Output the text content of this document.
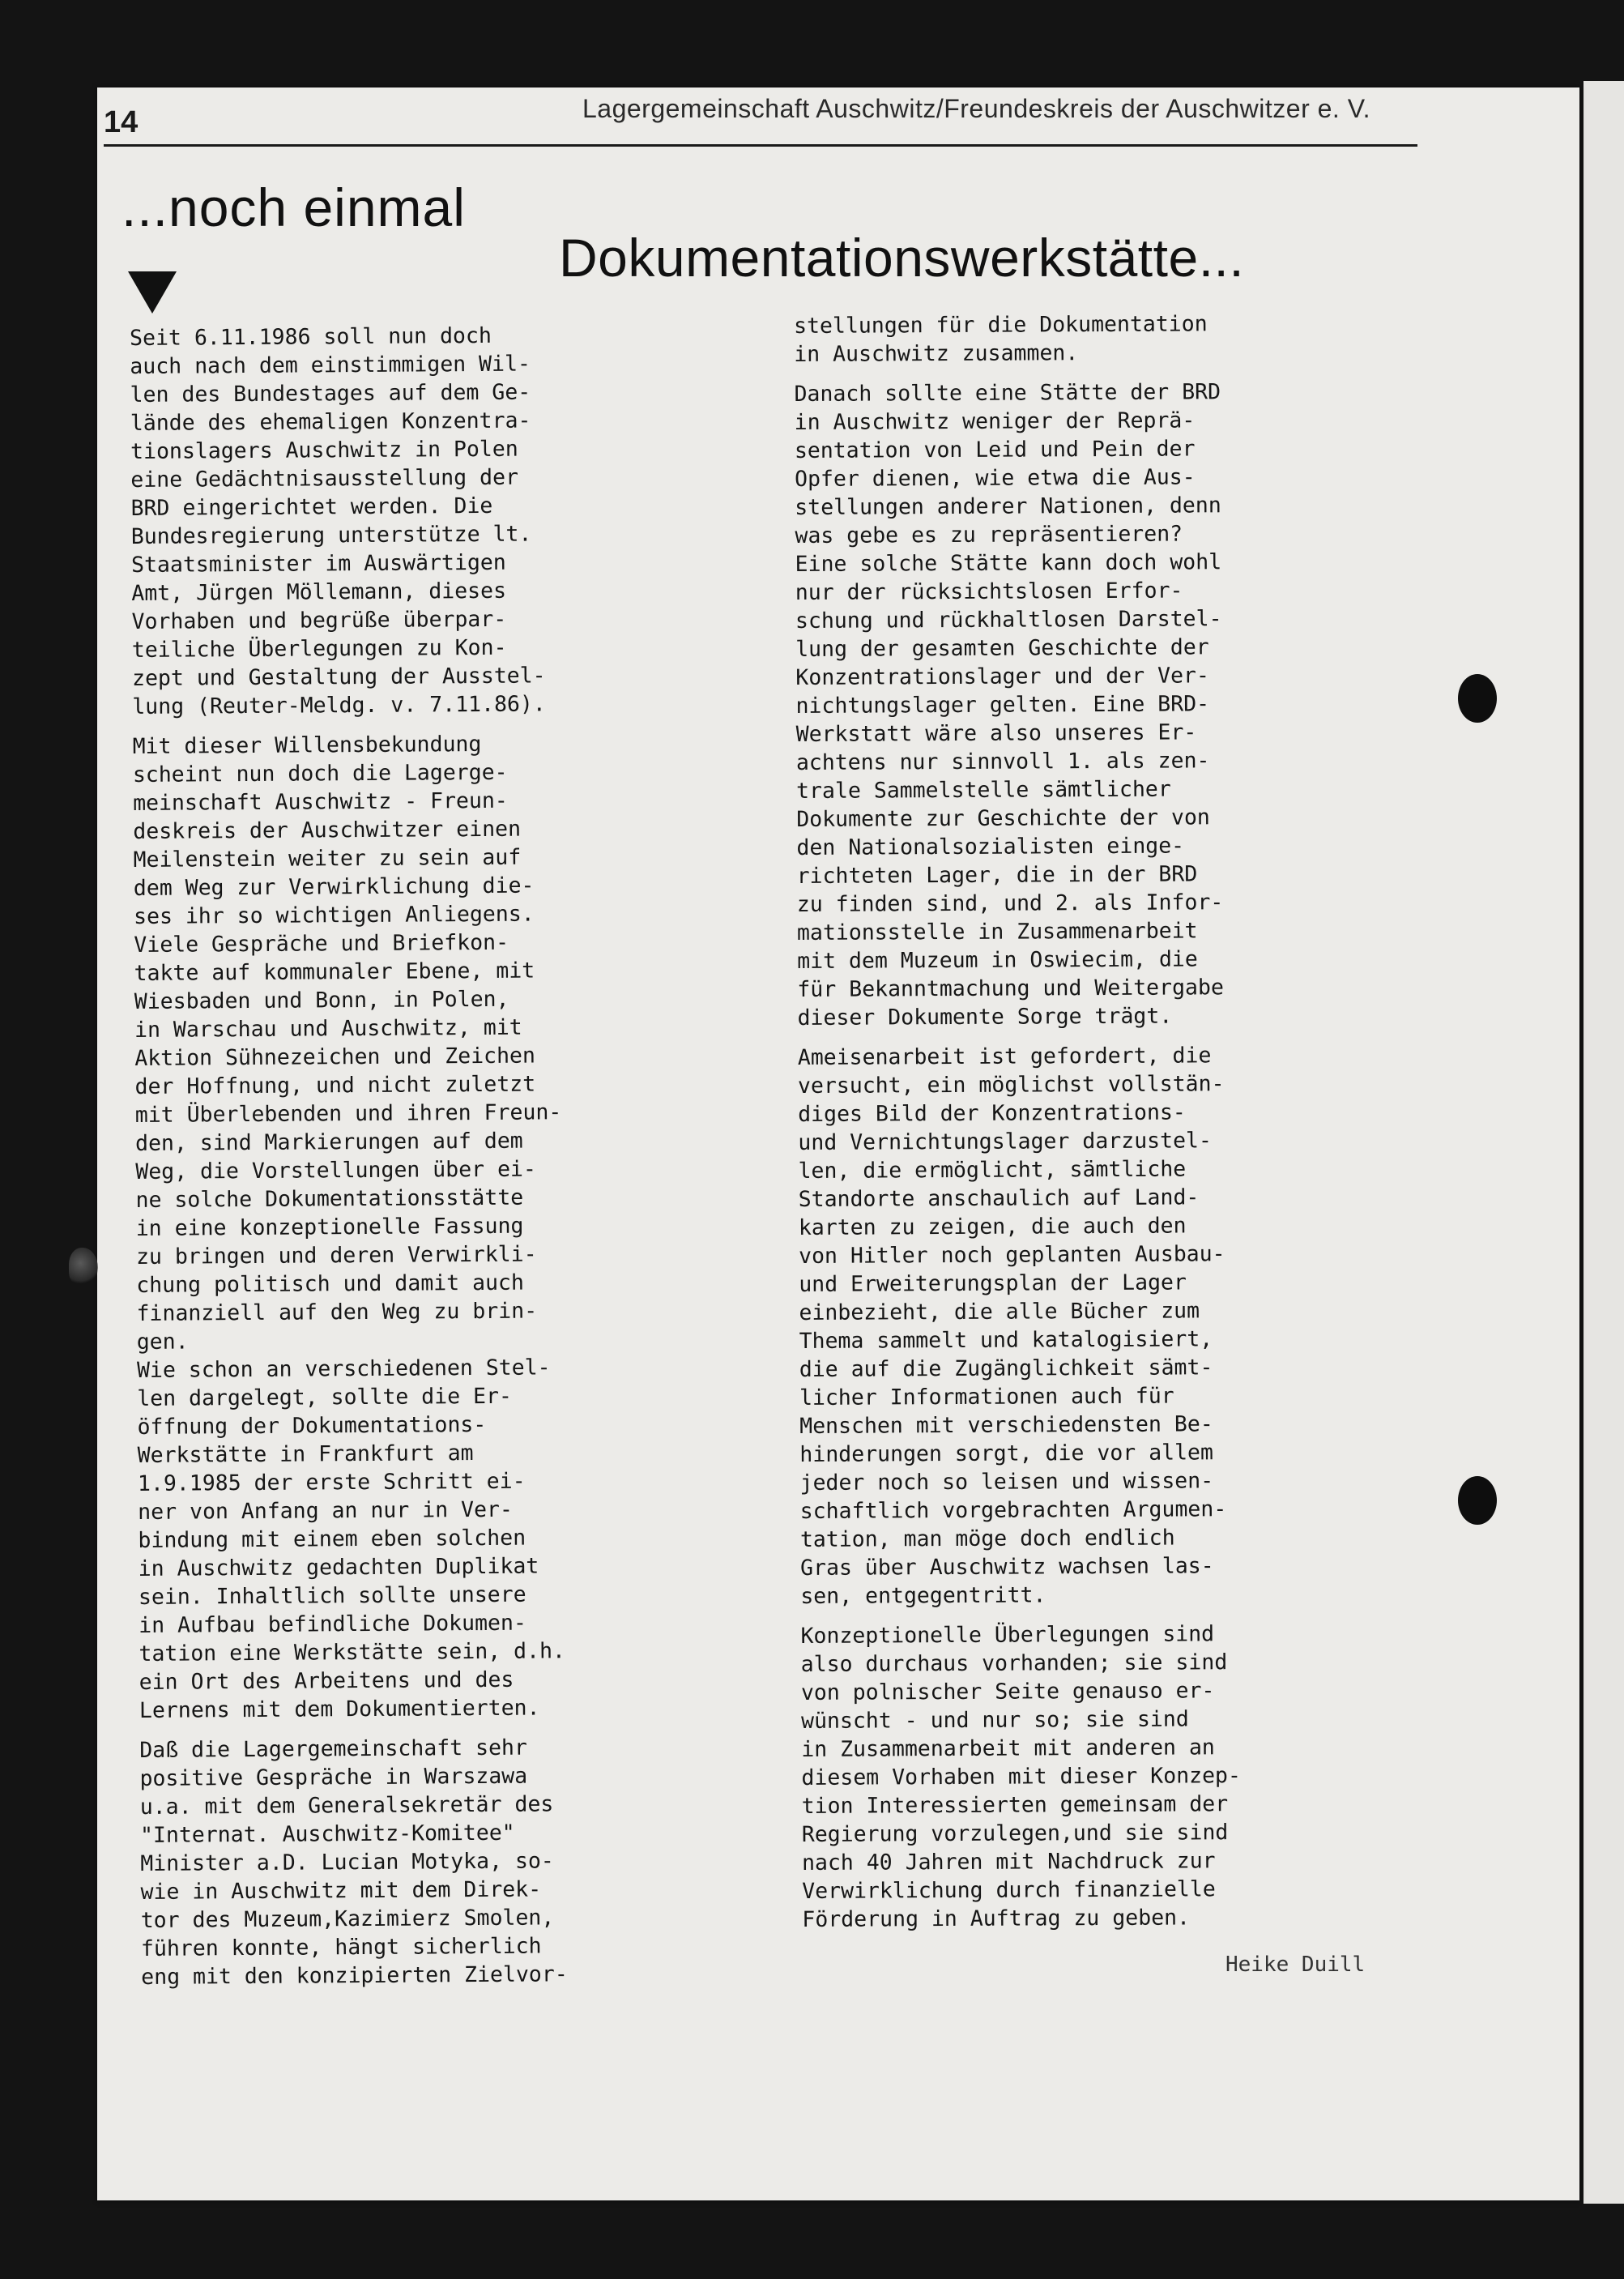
14	Lagergemeinschaft Auschwitz/Freundeskreis der Auschwitzer e. V.
...noch einmal
Dokumentationswerkstätte...

Seit 6.11.1986 soll nun doch
auch nach dem einstimmigen Wil-
len des Bundestages auf dem Ge-
lände des ehemaligen Konzentra-
tionslagers Auschwitz in Polen
eine Gedächtnisausstellung der
BRD eingerichtet werden. Die
Bundesregierung unterstütze lt.
Staatsminister im Auswärtigen
Amt, Jürgen Möllemann, dieses
Vorhaben und begrüße überpar-
teiliche Überlegungen zu Kon-
zept und Gestaltung der Ausstel-
lung (Reuter-Meldg. v. 7.11.86).

Mit dieser Willensbekundung
scheint nun doch die Lagerge-
meinschaft Auschwitz - Freun-
deskreis der Auschwitzer einen
Meilenstein weiter zu sein auf
dem Weg zur Verwirklichung die-
ses ihr so wichtigen Anliegens.
Viele Gespräche und Briefkon-
takte auf kommunaler Ebene, mit
Wiesbaden und Bonn, in Polen,
in Warschau und Auschwitz, mit
Aktion Sühnezeichen und Zeichen
der Hoffnung, und nicht zuletzt
mit Überlebenden und ihren Freun-
den, sind Markierungen auf dem
Weg, die Vorstellungen über ei-
ne solche Dokumentationsstätte
in eine konzeptionelle Fassung
zu bringen und deren Verwirkli-
chung politisch und damit auch
finanziell auf den Weg zu brin-
gen.
Wie schon an verschiedenen Stel-
len dargelegt, sollte die Er-
öffnung der Dokumentations-
Werkstätte in Frankfurt am
1.9.1985 der erste Schritt ei-
ner von Anfang an nur in Ver-
bindung mit einem eben solchen
in Auschwitz gedachten Duplikat
sein. Inhaltlich sollte unsere
in Aufbau befindliche Dokumen-
tation eine Werkstätte sein, d.h.
ein Ort des Arbeitens und des
Lernens mit dem Dokumentierten.

Daß die Lagergemeinschaft sehr
positive Gespräche in Warszawa
u.a. mit dem Generalsekretär des
"Internat. Auschwitz-Komitee"
Minister a.D. Lucian Motyka, so-
wie in Auschwitz mit dem Direk-
tor des Muzeum,Kazimierz Smolen,
führen konnte, hängt sicherlich
eng mit den konzipierten Zielvor-

stellungen für die Dokumentation
in Auschwitz zusammen.

Danach sollte eine Stätte der BRD
in Auschwitz weniger der Reprä-
sentation von Leid und Pein der
Opfer dienen, wie etwa die Aus-
stellungen anderer Nationen, denn
was gebe es zu repräsentieren?
Eine solche Stätte kann doch wohl
nur der rücksichtslosen Erfor-
schung und rückhaltlosen Darstel-
lung der gesamten Geschichte der
Konzentrationslager und der Ver-
nichtungslager gelten. Eine BRD-
Werkstatt wäre also unseres Er-
achtens nur sinnvoll 1. als zen-
trale Sammelstelle sämtlicher
Dokumente zur Geschichte der von
den Nationalsozialisten einge-
richteten Lager, die in der BRD
zu finden sind, und 2. als Infor-
mationsstelle in Zusammenarbeit
mit dem Muzeum in Oswiecim, die
für Bekanntmachung und Weitergabe
dieser Dokumente Sorge trägt.

Ameisenarbeit ist gefordert, die
versucht, ein möglichst vollstän-
diges Bild der Konzentrations-
und Vernichtungslager darzustel-
len, die ermöglicht, sämtliche
Standorte anschaulich auf Land-
karten zu zeigen, die auch den
von Hitler noch geplanten Ausbau-
und Erweiterungsplan der Lager
einbezieht, die alle Bücher zum
Thema sammelt und katalogisiert,
die auf die Zugänglichkeit sämt-
licher Informationen auch für
Menschen mit verschiedensten Be-
hinderungen sorgt, die vor allem
jeder noch so leisen und wissen-
schaftlich vorgebrachten Argumen-
tation, man möge doch endlich
Gras über Auschwitz wachsen las-
sen, entgegentritt.

Konzeptionelle Überlegungen sind
also durchaus vorhanden; sie sind
von polnischer Seite genauso er-
wünscht - und nur so; sie sind
in Zusammenarbeit mit anderen an
diesem Vorhaben mit dieser Konzep-
tion Interessierten gemeinsam der
Regierung vorzulegen,und sie sind
nach 40 Jahren mit Nachdruck zur
Verwirklichung durch finanzielle
Förderung in Auftrag zu geben.

Heike Duill
